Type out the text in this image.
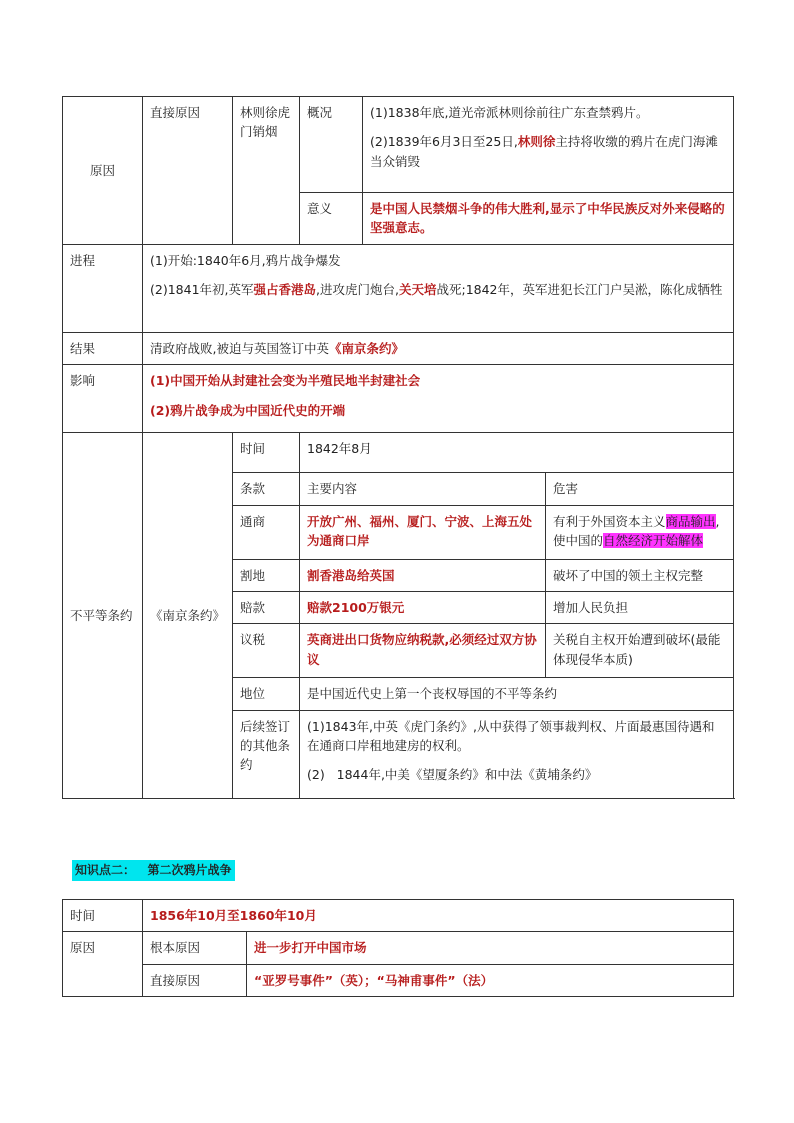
原因	直接原因	林则徐虎门销烟	概况	(1)1838年底,道光帝派林则徐前往广东查禁鸦片。

(2)1839年6月3日至25日,林则徐主持将收缴的鸦片在虎门海滩当众销毁	

			意义	是中国人民禁烟斗争的伟大胜利,显示了中华民族反对外来侵略的坚强意志。	
进程	(1)开始:1840年6月,鸦片战争爆发

(2)1841年初,英军强占香港岛,进攻虎门炮台,关天培战死;1842年，英军进犯长江门户吴淞，陈化成牺牲				

结果	清政府战败,被迫与英国签订中英《南京条约》				
影响	(1)中国开始从封建社会变为半殖民地半封建社会

(2)鸦片战争成为中国近代史的开端				

不平等条约	《南京条约》	时间	1842年8月		
		条款	主要内容		危害
		通商	开放广州、福州、厦门、宁波、上海五处为通商口岸		有利于外国资本主义商品输出,使中国的自然经济开始解体
		割地	割香港岛给英国		破坏了中国的领土主权完整
		赔款	赔款2100万银元		增加人民负担
		议税	英商进出口货物应纳税款,必须经过双方协议		关税自主权开始遭到破坏(最能体现侵华本质)
		地位	是中国近代史上第一个丧权辱国的不平等条约		
		后续签订的其他条约	(1)1843年,中英《虎门条约》,从中获得了领事裁判权、片面最惠国待遇和在通商口岸租地建房的权利。

(2)   1844年,中美《望厦条约》和中法《黄埔条约》		

知识点二：   第二次鸦片战争
时间	1856年10月至1860年10月	
原因	根本原因	进一步打开中国市场
	直接原因	“亚罗号事件”（英）；“马神甫事件”（法）
